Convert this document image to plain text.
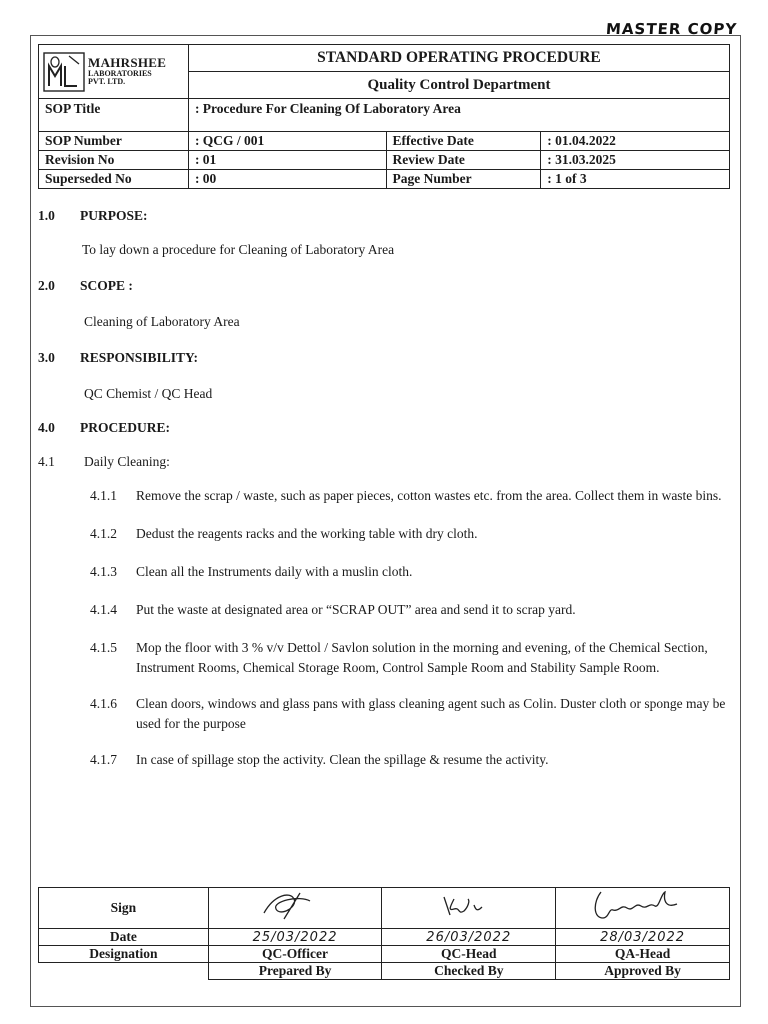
MASTER COPY
MAHRSHEE
LABORATORIES
PVT. LTD.	STANDARD OPERATING PROCEDURE		
	Quality Control Department		
SOP Title	: Procedure For Cleaning Of Laboratory Area		
SOP Number	: QCG / 001	Effective Date	: 01.04.2022
Revision No	: 01	Review Date	: 31.03.2025
Superseded No	: 00	Page Number	: 1 of 3
1.0	PURPOSE:
To lay down a procedure for Cleaning of Laboratory Area
2.0	SCOPE :
Cleaning of Laboratory Area
3.0	RESPONSIBILITY:
QC Chemist / QC Head
4.0	PROCEDURE:
4.1	Daily Cleaning:
4.1.1	Remove the scrap / waste, such as paper pieces, cotton wastes etc. from the area. Collect them in waste bins.
4.1.2	Dedust the reagents racks and the working table with dry cloth.
4.1.3	Clean all the Instruments daily with a muslin cloth.
4.1.4	Put the waste at designated area or “SCRAP OUT” area and send it to scrap yard.
4.1.5	Mop the floor with 3 % v/v Dettol / Savlon solution in the morning and evening, of the Chemical Section, Instrument Rooms, Chemical Storage Room, Control Sample Room and Stability Sample Room.
4.1.6	Clean doors, windows and glass pans with glass cleaning agent such as Colin. Duster cloth or sponge may be used for the purpose
4.1.7	In case of spillage stop the activity. Clean the spillage & resume the activity.
Sign			
Date	25/03/2022	26/03/2022	28/03/2022
Designation	QC-Officer	QC-Head	QA-Head
	Prepared By	Checked By	Approved By
